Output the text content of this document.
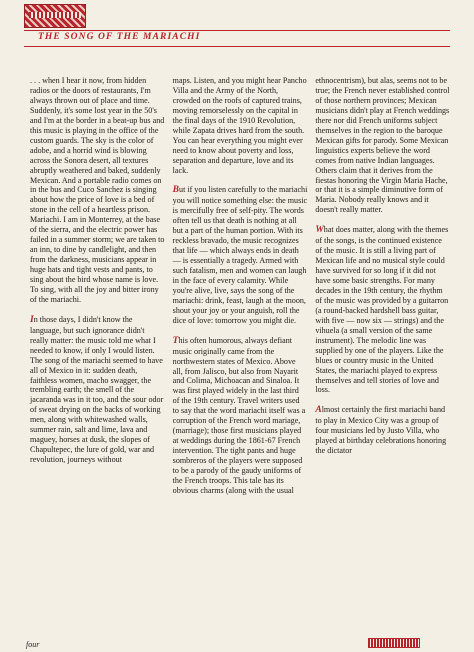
THE SONG OF THE MARIACHI

. . . when I hear it now, from hidden radios or the doors of restaurants, I'm always thrown out of place and time. Suddenly, it's some lost year in the 50's and I'm at the border in a beat-up bus and this music is playing in the office of the custom guards. The sky is the color of adobe, and a horrid wind is blowing across the Sonora desert, all textures abruptly weathered and baked, suddenly Mexican. And a portable radio comes on in the bus and Cuco Sanchez is singing about how the price of love is a bed of stone in the cell of a heartless prison. Mariachi. I am in Monterrey, at the base of the sierra, and the electric power has failed in a summer storm; we are taken to an inn, to dine by candlelight, and then from the darkness, musicians appear in huge hats and tight vests and pants, to sing about the bird whose name is love. To sing, with all the joy and bitter irony of the mariachi.

In those days, I didn't know the language, but such ignorance didn't really matter: the music told me what I needed to know, if only I would listen. The song of the mariachi seemed to have all of Mexico in it: sudden death, faithless women, macho swagger, the trembling earth; the smell of the jacaranda was in it too, and the sour odor of sweat drying on the backs of working men, along with whitewashed walls, summer rain, salt and lime, lava and maguey, horses at dusk, the slopes of Chapultepec, the lure of gold, war and revolution, journeys without

maps. Listen, and you might hear Pancho Villa and the Army of the North, crowded on the roofs of captured trains, moving remorselessly on the capital in the final days of the 1910 Revolution, while Zapata drives hard from the south. You can hear everything you might ever need to know about poverty and loss, separation and departure, love and its lack.

But if you listen carefully to the mariachi you will notice something else: the music is mercifully free of self-pity. The words often tell us that death is nothing at all but a part of the human portion. With its reckless bravado, the music recognizes that life — which always ends in death — is essentially a tragedy. Armed with such fatalism, men and women can laugh in the face of every calamity. While you're alive, live, says the song of the mariachi: drink, feast, laugh at the moon, shout your joy or your anguish, roll the dice of love: tomorrow you might die.

This often humorous, always defiant music originally came from the northwestern states of Mexico. Above all, from Jalisco, but also from Nayarit and Colima, Michoacan and Sinaloa. It was first played widely in the last third of the 19th century. Travel writers used to say that the word mariachi itself was a corruption of the French word mariage, (marriage); those first musicians played at weddings during the 1861-67 French intervention. The tight pants and huge sombreros of the players were supposed to be a parody of the gaudy uniforms of the French troops. This tale has its obvious charms (along with the usual

ethnocentrism), but alas, seems not to be true; the French never established control of those northern provinces; Mexican musicians didn't play at French weddings there nor did French uniforms subject themselves in the region to the baroque Mexican gifts for parody. Some Mexican linguistics experts believe the word comes from native Indian languages. Others claim that it derives from the fiestas honoring the Virgin Maria Hache, or that it is a simple diminutive form of Maria. Nobody really knows and it doesn't really matter.

What does matter, along with the themes of the songs, is the continued existence of the music. It is still a living part of Mexican life and no musical style could have survived for so long if it did not have some basic strengths. For many decades in the 19th century, the rhythm of the music was provided by a guitarron (a round-backed hardshell bass guitar, with five — now six — strings) and the vihuela (a small version of the same instrument). The melodic line was supplied by one of the players. Like the blues or country music in the United States, the mariachi played to express themselves and tell stories of love and loss.

Almost certainly the first mariachi band to play in Mexico City was a group of four musicians led by Justo Villa, who played at birthday celebrations honoring the dictator

four
